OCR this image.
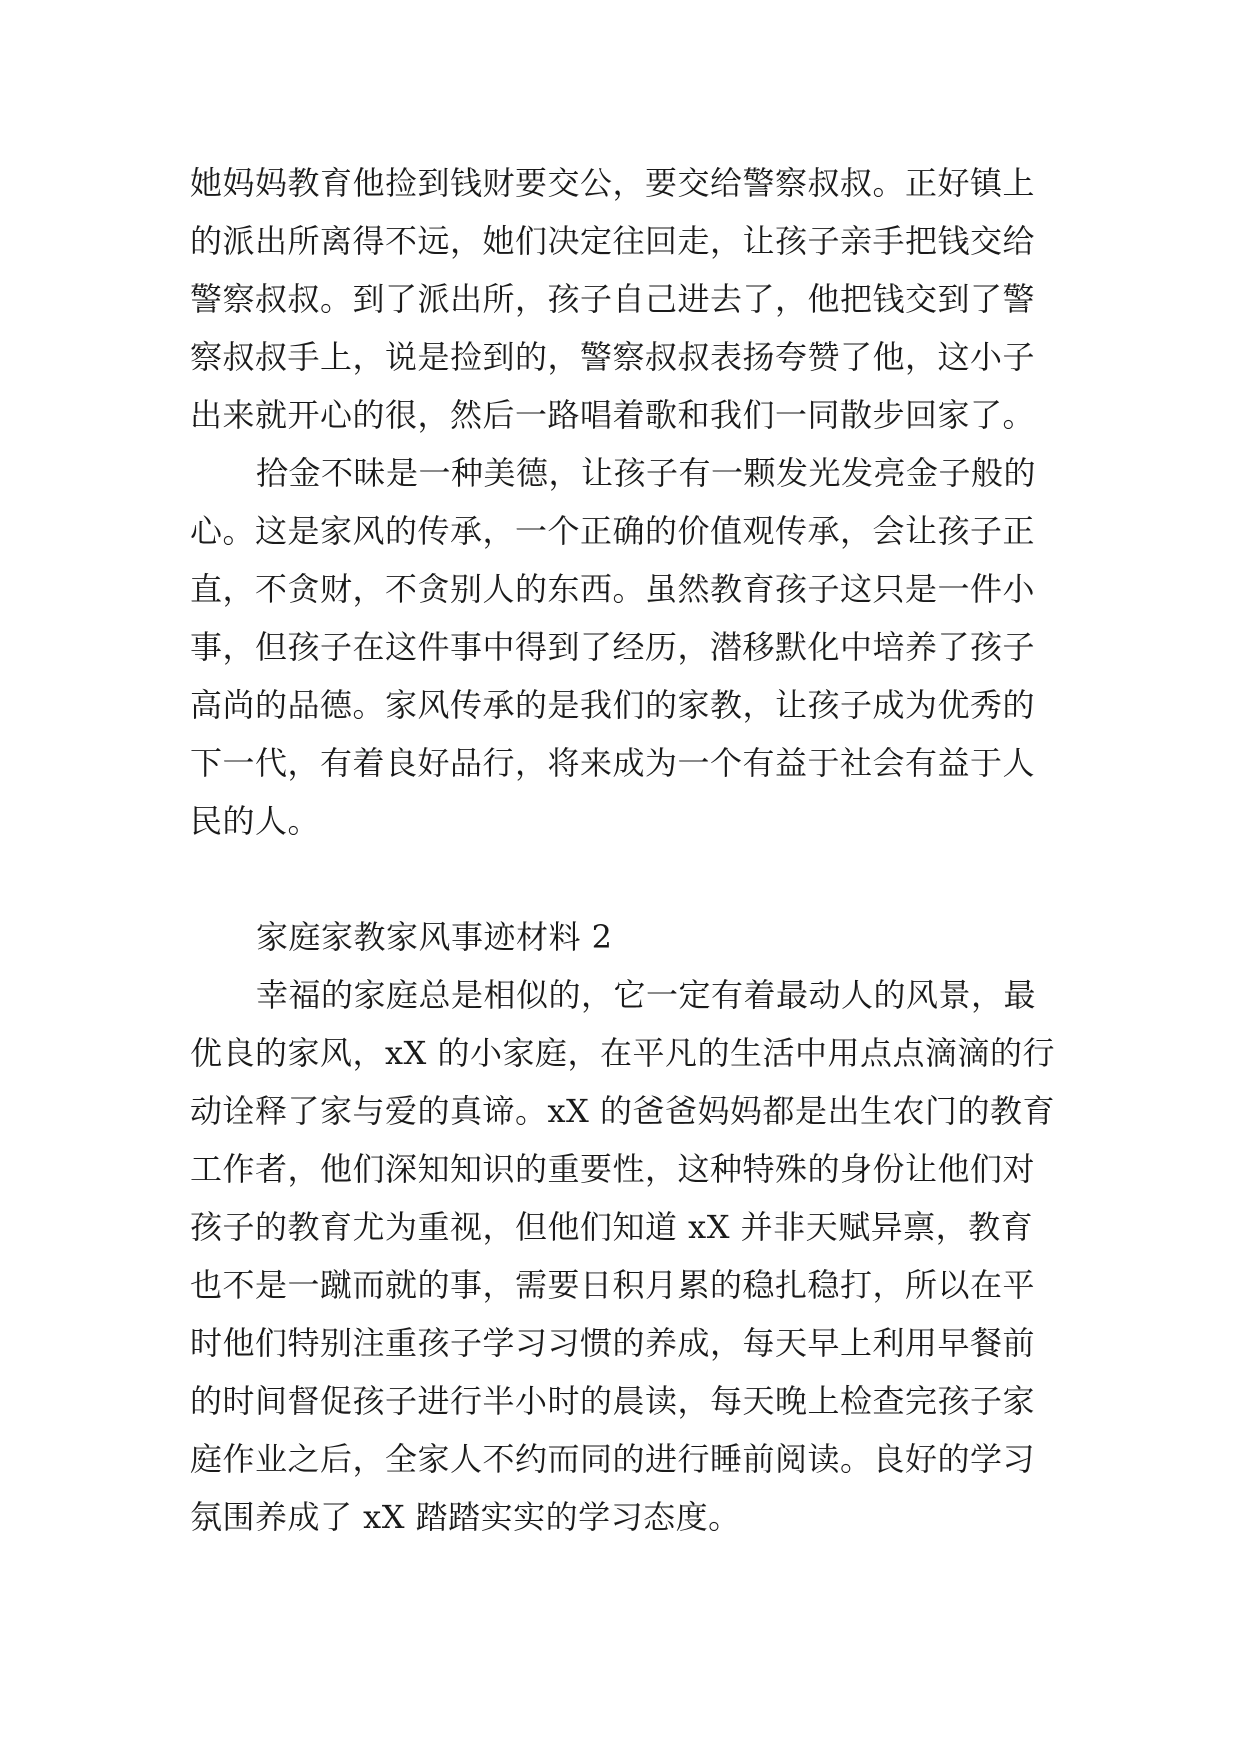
她妈妈教育他捡到钱财要交公，要交给警察叔叔。正好镇上
的派出所离得不远，她们决定往回走，让孩子亲手把钱交给
警察叔叔。到了派出所，孩子自己进去了，他把钱交到了警
察叔叔手上，说是捡到的，警察叔叔表扬夸赞了他，这小子
出来就开心的很，然后一路唱着歌和我们一同散步回家了。
拾金不昧是一种美德，让孩子有一颗发光发亮金子般的
心。这是家风的传承，一个正确的价值观传承，会让孩子正
直，不贪财，不贪别人的东西。虽然教育孩子这只是一件小
事，但孩子在这件事中得到了经历，潜移默化中培养了孩子
高尚的品德。家风传承的是我们的家教，让孩子成为优秀的
下一代，有着良好品行，将来成为一个有益于社会有益于人
民的人。
家庭家教家风事迹材料 2
幸福的家庭总是相似的，它一定有着最动人的风景，最
优良的家风，xX 的小家庭，在平凡的生活中用点点滴滴的行
动诠释了家与爱的真谛。xX 的爸爸妈妈都是出生农门的教育
工作者，他们深知知识的重要性，这种特殊的身份让他们对
孩子的教育尤为重视，但他们知道 xX 并非天赋异禀，教育
也不是一蹴而就的事，需要日积月累的稳扎稳打，所以在平
时他们特别注重孩子学习习惯的养成，每天早上利用早餐前
的时间督促孩子进行半小时的晨读，每天晚上检查完孩子家
庭作业之后，全家人不约而同的进行睡前阅读。良好的学习
氛围养成了 xX 踏踏实实的学习态度。
